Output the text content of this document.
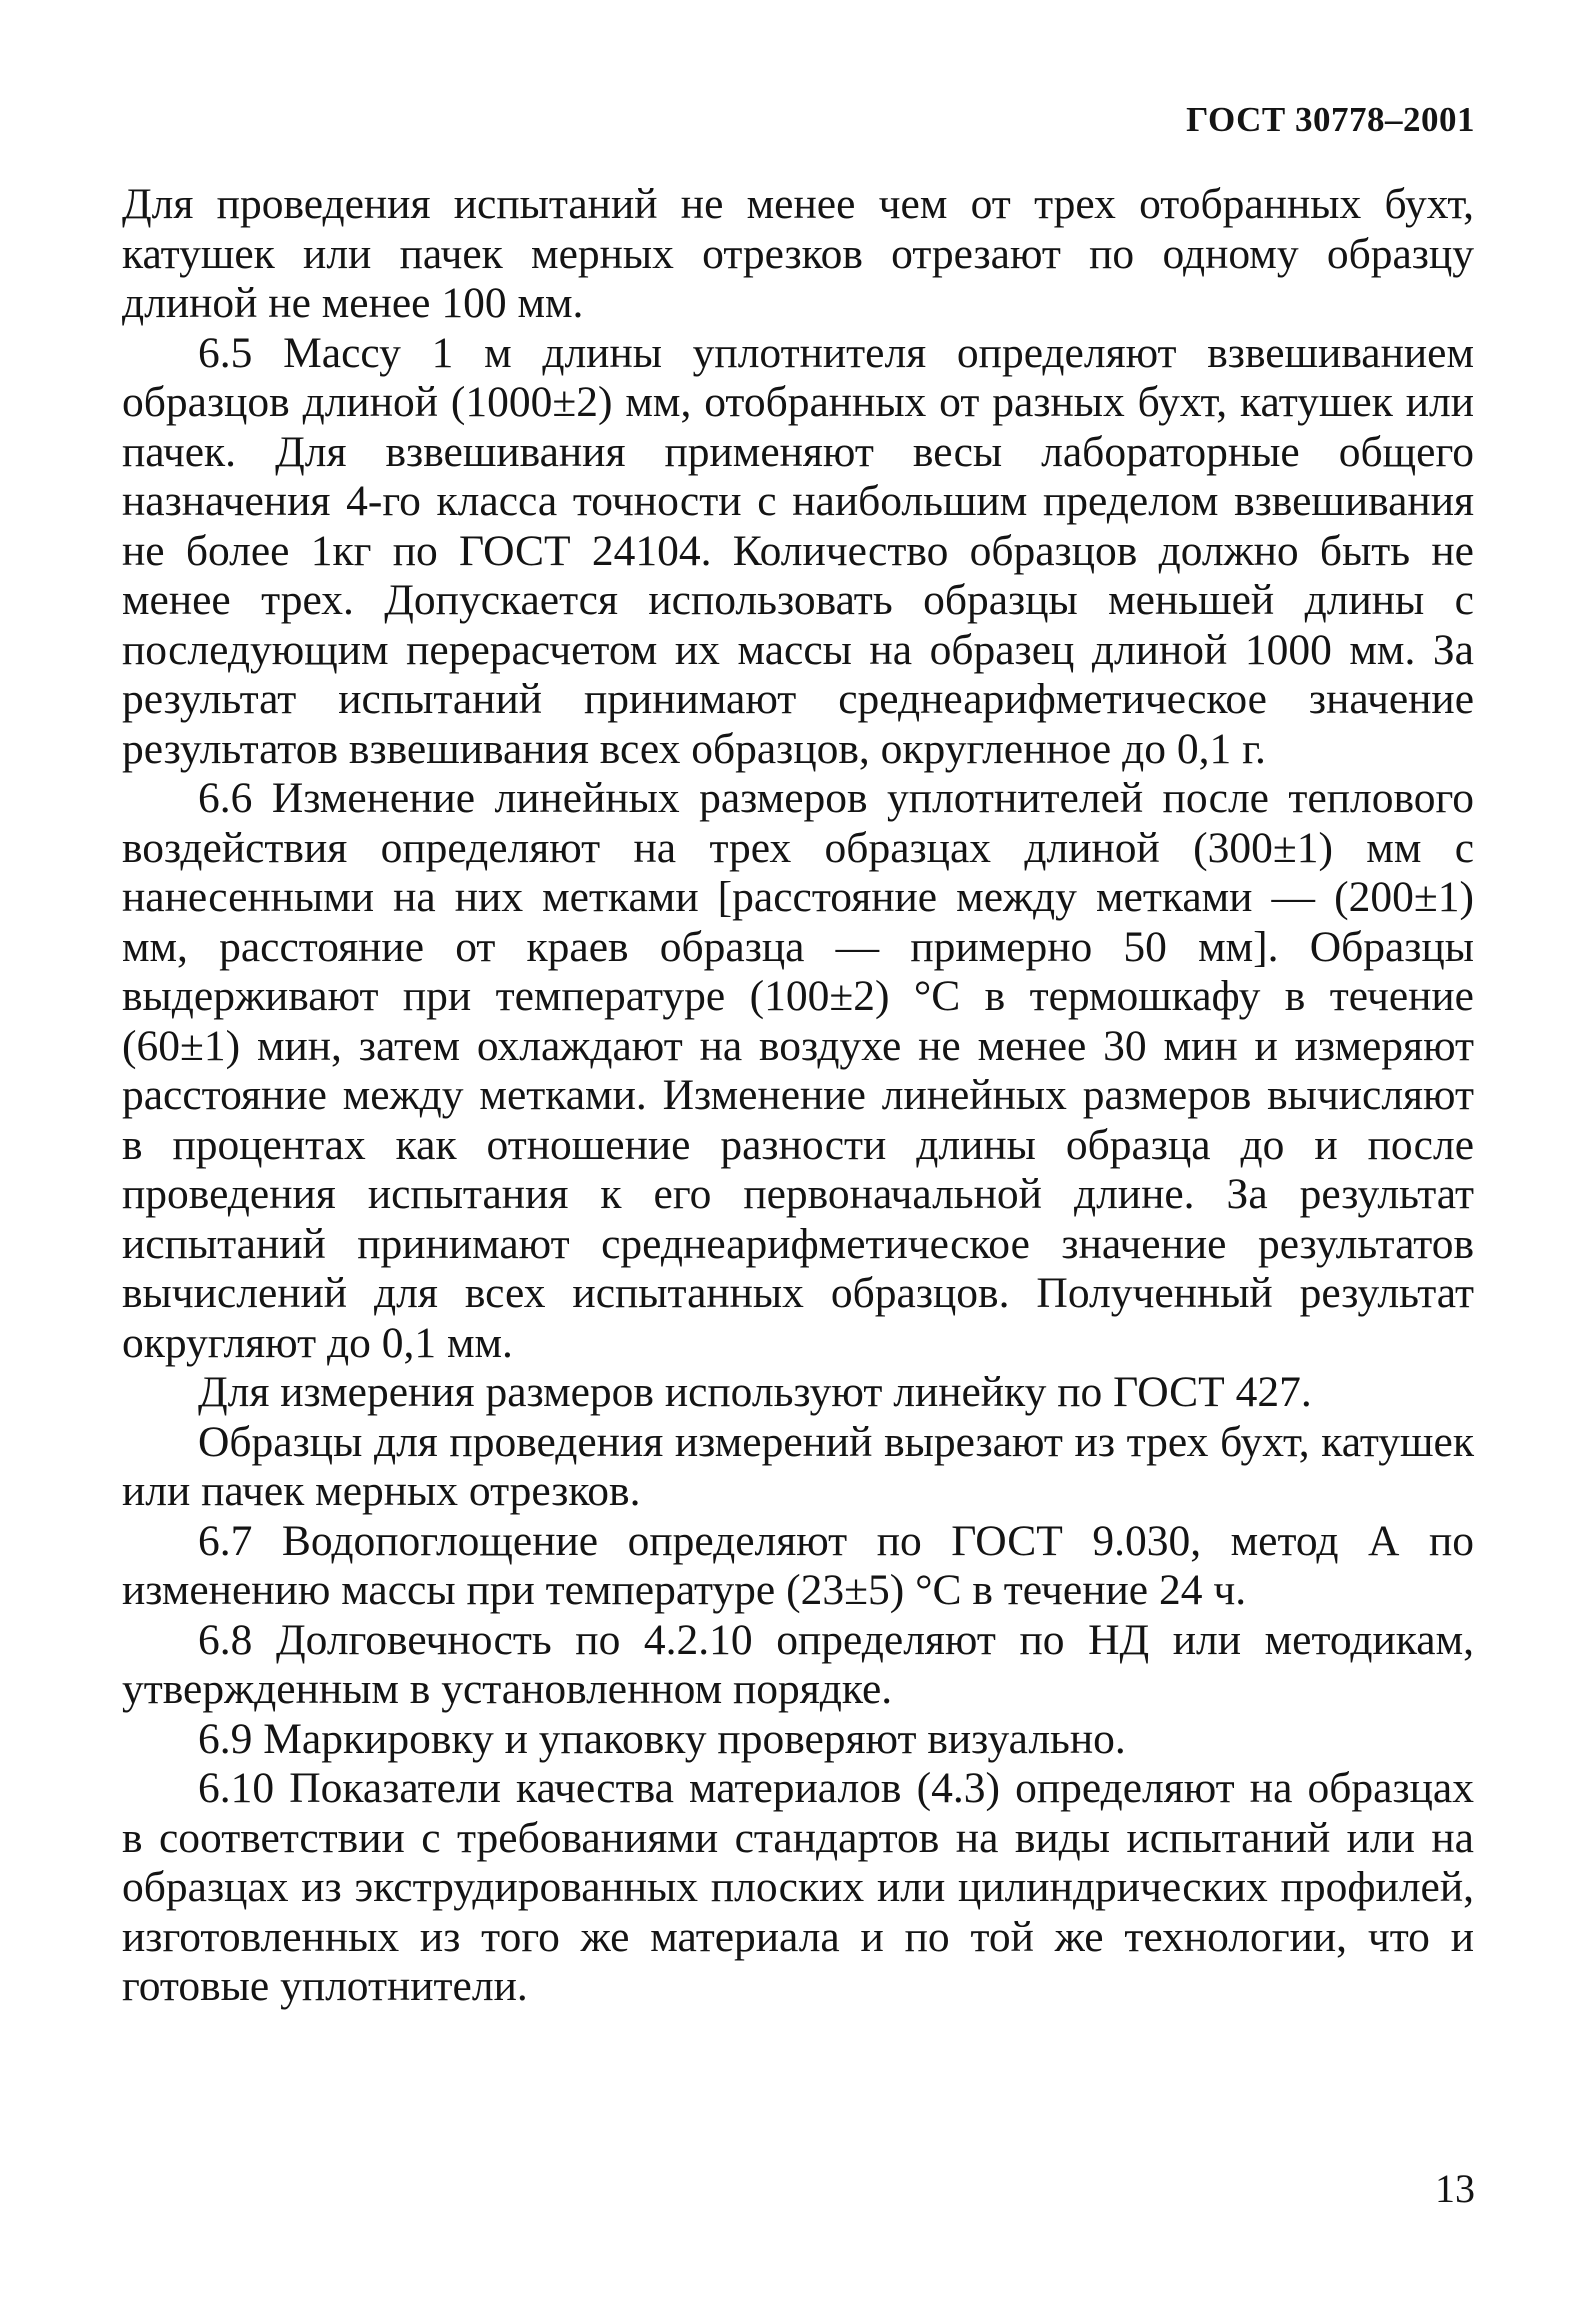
ГОСТ 30778–2001

Для проведения испытаний не менее чем от трех отобранных бухт, катушек или пачек мерных отрезков отрезают по одному образцу длиной не менее 100 мм.

6.5 Массу 1 м длины уплотнителя определяют взвешиванием образцов длиной (1000±2) мм, отобранных от разных бухт, катушек или пачек. Для взвешивания применяют весы лабораторные общего назначения 4-го класса точности с наибольшим пределом взвешивания не более 1кг по ГОСТ 24104. Количество образцов должно быть не менее трех. Допускается использовать образцы меньшей длины с последующим перерасчетом их массы на образец длиной 1000 мм. За результат испытаний принимают среднеарифметическое значение результатов взвешивания всех образцов, округленное до 0,1 г.

6.6 Изменение линейных размеров уплотнителей после теплового воздействия определяют на трех образцах длиной (300±1) мм с нанесенными на них метками [расстояние между метками — (200±1) мм, расстояние от краев образца — примерно 50 мм]. Образцы выдерживают при температуре (100±2) °С в термошкафу в течение (60±1) мин, затем охлаждают на воздухе не менее 30 мин и измеряют расстояние между метками. Изменение линейных размеров вычисляют в процентах как отношение разности длины образца до и после проведения испытания к его первоначальной длине. За результат испытаний принимают среднеарифметическое значение результатов вычислений для всех испытанных образцов. Полученный результат округляют до 0,1 мм.

Для измерения размеров используют линейку по ГОСТ 427.

Образцы для проведения измерений вырезают из трех бухт, катушек или пачек мерных отрезков.

6.7 Водопоглощение определяют по ГОСТ 9.030, метод А по изменению массы при температуре (23±5) °С в течение 24 ч.

6.8 Долговечность по 4.2.10 определяют по НД или методикам, утвержденным в установленном порядке.

6.9 Маркировку и упаковку проверяют визуально.

6.10 Показатели качества материалов (4.3) определяют на образцах в соответствии с требованиями стандартов на виды испытаний или на образцах из экструдированных плоских или цилиндрических профилей, изготовленных из того же материала и по той же технологии, что и готовые уплотнители.

13
